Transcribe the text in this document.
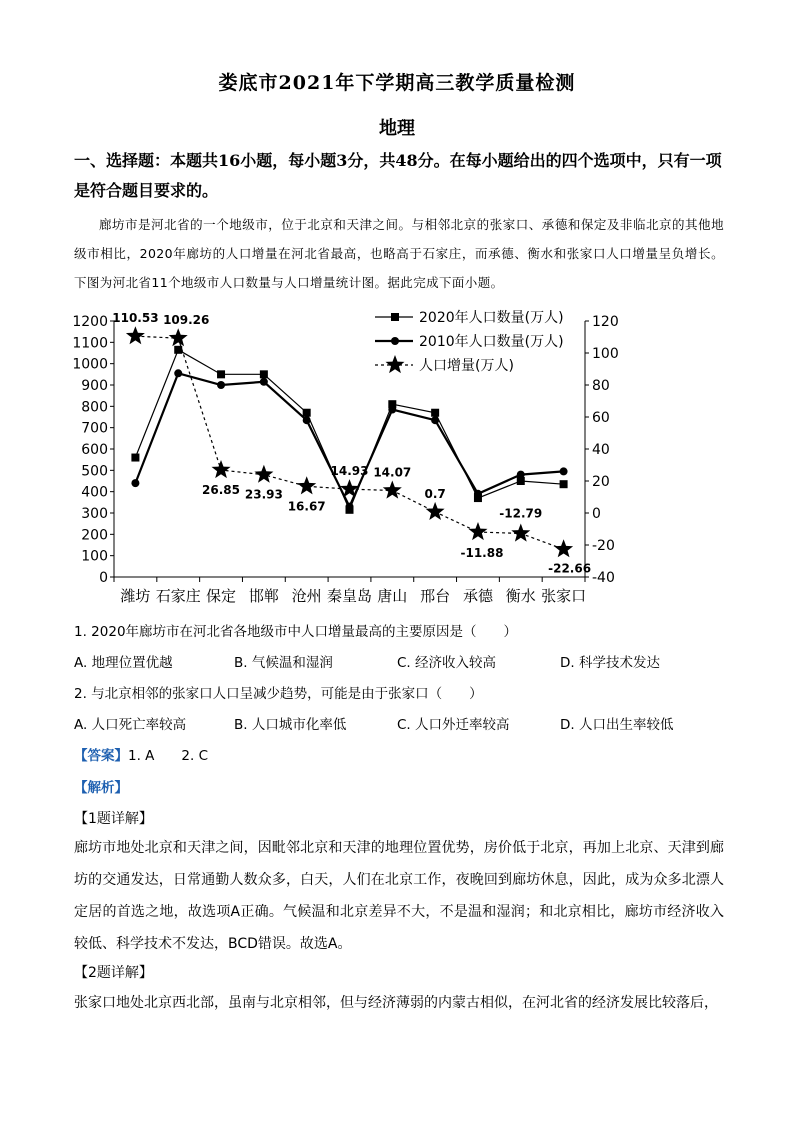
娄底市2021年下学期高三教学质量检测
地理
一、选择题：本题共16小题，每小题3分，共48分。在每小题给出的四个选项中，只有一项是符合题目要求的。
廊坊市是河北省的一个地级市，位于北京和天津之间。与相邻北京的张家口、承德和保定及非临北京的其他地级市相比，2020年廊坊的人口增量在河北省最高，也略高于石家庄，而承德、衡水和张家口人口增量呈负增长。下图为河北省11个地级市人口数量与人口增量统计图。据此完成下面小题。
0
100
200
300
400
500
600
700
800
900
1000
1100
1200
-40
-20
0
20
40
60
80
100
120
潍坊 石家庄 保定 邯郸 沧州 秦皇岛 唐山 邢台 承德 衡水 张家口
110.53 109.26
26.85 23.93
16.67
14.93 14.07
0.7
-11.88
-12.79
-22.66
2020年人口数量(万人)
2010年人口数量(万人)
人口增量(万人)
1. 2020年廊坊市在河北省各地级市中人口增量最高的主要原因是（　　）
A. 地理位置优越	B. 气候温和湿润	C. 经济收入较高	D. 科学技术发达
2. 与北京相邻的张家口人口呈减少趋势，可能是由于张家口（　　）
A. 人口死亡率较高	B. 人口城市化率低	C. 人口外迁率较高	D. 人口出生率较低
【答案】1. A　　2. C
【解析】
【1题详解】
廊坊市地处北京和天津之间，因毗邻北京和天津的地理位置优势，房价低于北京，再加上北京、天津到廊坊的交通发达，日常通勤人数众多，白天，人们在北京工作，夜晚回到廊坊休息，因此，成为众多北漂人定居的首选之地，故选项A正确。气候温和北京差异不大，不是温和湿润；和北京相比，廊坊市经济收入较低、科学技术不发达，BCD错误。故选A。
【2题详解】
张家口地处北京西北部，虽南与北京相邻，但与经济薄弱的内蒙古相似，在河北省的经济发展比较落后，
